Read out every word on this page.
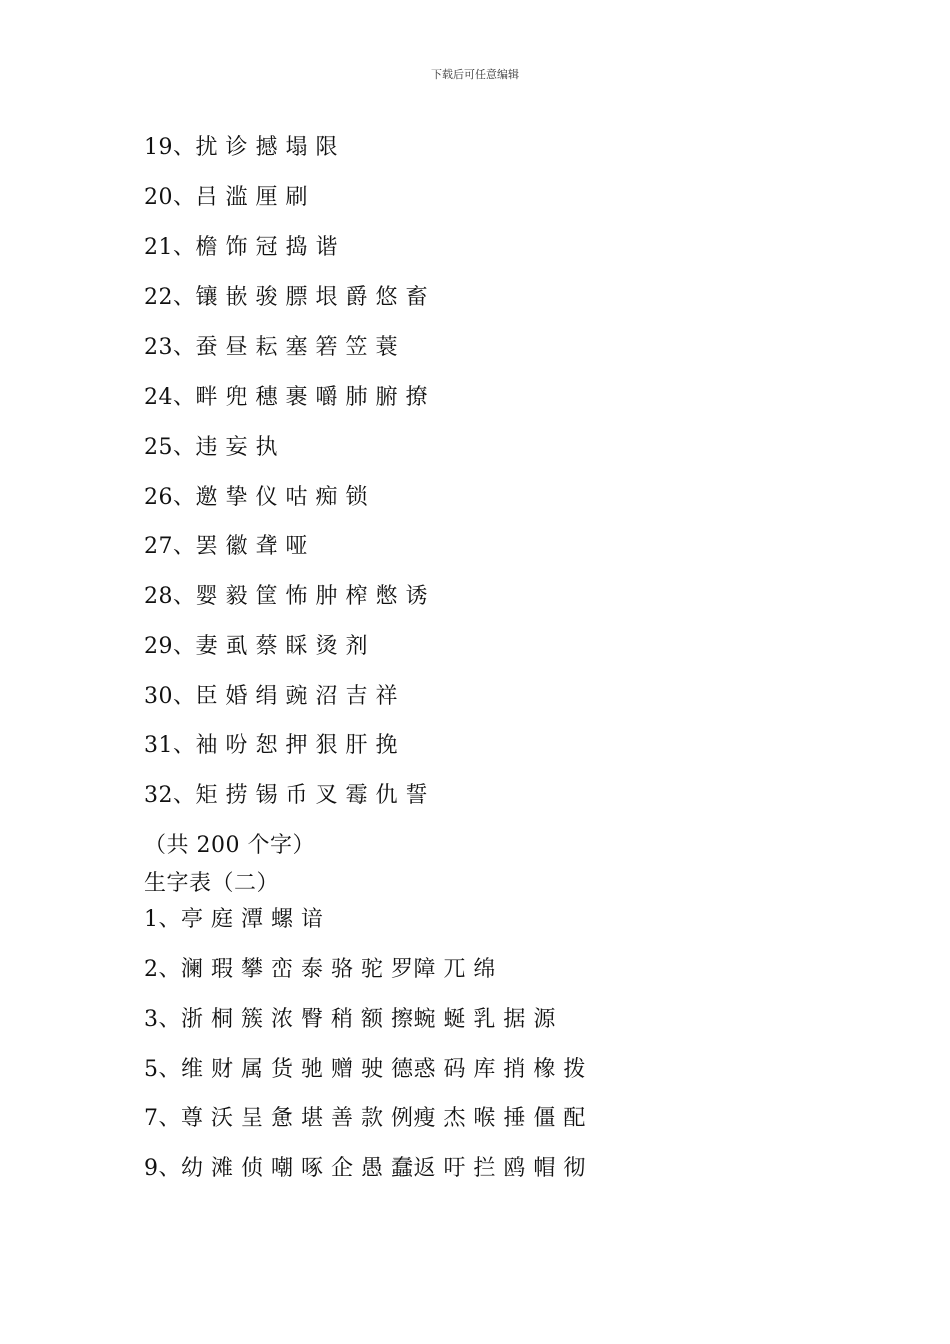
下载后可任意编辑
19、扰 诊 撼 塌 限
20、吕 滥 厘 刷
21、檐 饰 冠 捣 谐
22、镶 嵌 骏 膘 垠 爵 悠 畜
23、蚕 昼 耘 塞 箬 笠 蓑
24、畔 兜 穗 裹 嚼 肺 腑 撩
25、违 妄 执
26、邀 挚 仪 咕 痴 锁
27、罢 徽 聋 哑
28、婴 毅 筐 怖 肿 榨 憋 诱
29、妻 虱 蔡 睬 烫 剂
30、臣 婚 绢 豌 沼 吉 祥
31、袖 吩 恕 押 狠 肝 挽
32、矩 捞 锡 币 叉 霉 仇 誓
（共 200 个字）
生字表（二）
1、亭 庭 潭 螺 谙
2、澜 瑕 攀 峦 泰 骆 驼 罗障 兀 绵
3、浙 桐 簇 浓 臀 稍 额 擦蜿 蜒 乳 据 源
5、维 财 属 货 驰 赠 驶 德惑 码 库 捎 橡 拨
7、尊 沃 呈 惫 堪 善 款 例瘦 杰 喉 捶 僵 配
9、幼 滩 侦 嘲 啄 企 愚 蠢返 吁 拦 鸥 帽 彻
